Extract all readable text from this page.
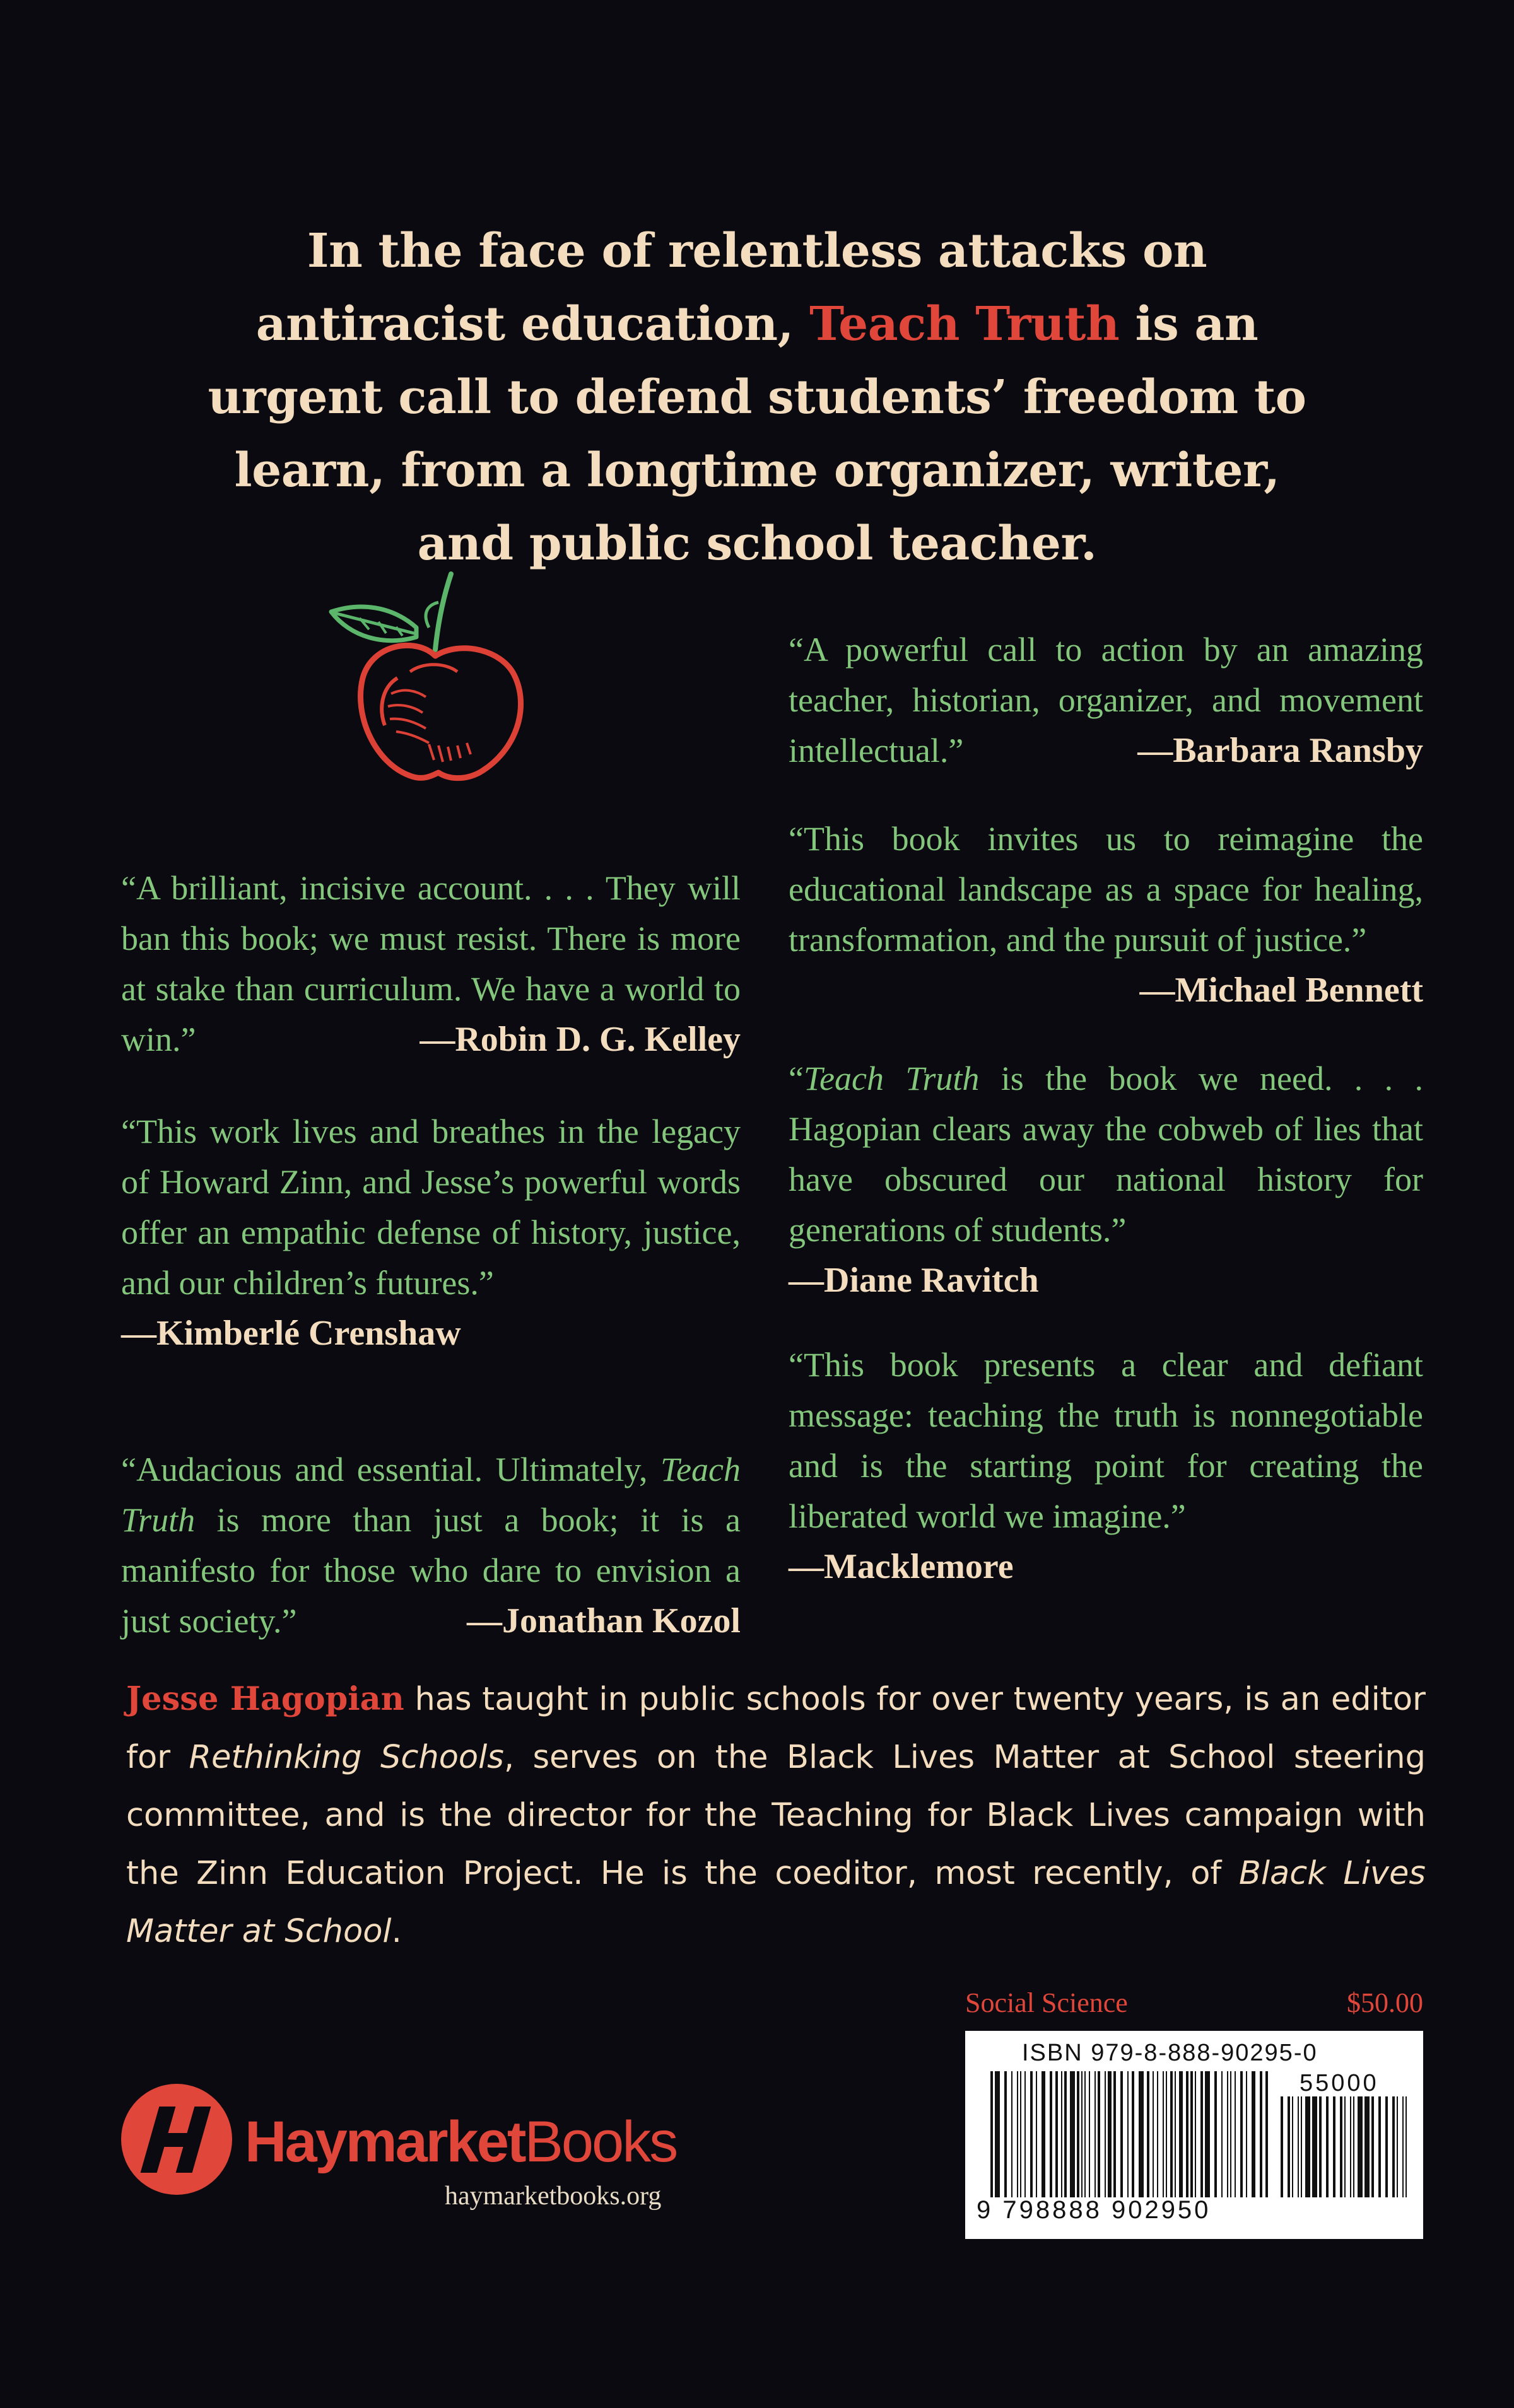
In the face of relentless attacks on antiracist education, Teach Truth is an urgent call to defend students’ freedom to learn, from a longtime organizer, writer, and public school teacher.
“A brilliant, incisive account. . . . They will ban this book; we must resist. There is more at stake than curriculum. We have a world to win.”	—Robin D. G. Kelley
“This work lives and breathes in the legacy of Howard Zinn, and Jesse’s powerful words offer an empathic defense of history, justice, and our children’s futures.”
—Kimberlé Crenshaw
“Audacious and essential. Ultimately, Teach Truth is more than just a book; it is a manifesto for those who dare to envision a just society.”	—Jonathan Kozol
“A powerful call to action by an amazing teacher, historian, organizer, and movement intellectual.”	—Barbara Ransby
“This book invites us to reimagine the educational landscape as a space for healing, transformation, and the pursuit of justice.”
—Michael Bennett
“Teach Truth is the book we need. . . . Hagopian clears away the cobweb of lies that have obscured our national history for generations of students.”
—Diane Ravitch
“This book presents a clear and defiant message: teaching the truth is nonnegotiable and is the starting point for creating the liberated world we imagine.”
—Macklemore
Jesse Hagopian has taught in public schools for over twenty years, is an editor for Rethinking Schools, serves on the Black Lives Matter at School steering committee, and is the director for the Teaching for Black Lives campaign with the Zinn Education Project. He is the coeditor, most recently, of Black Lives Matter at School.
Social Science	$50.00
ISBN 979-8-888-90295-0
55000
9 798888 902950
HaymarketBooks
haymarketbooks.org
